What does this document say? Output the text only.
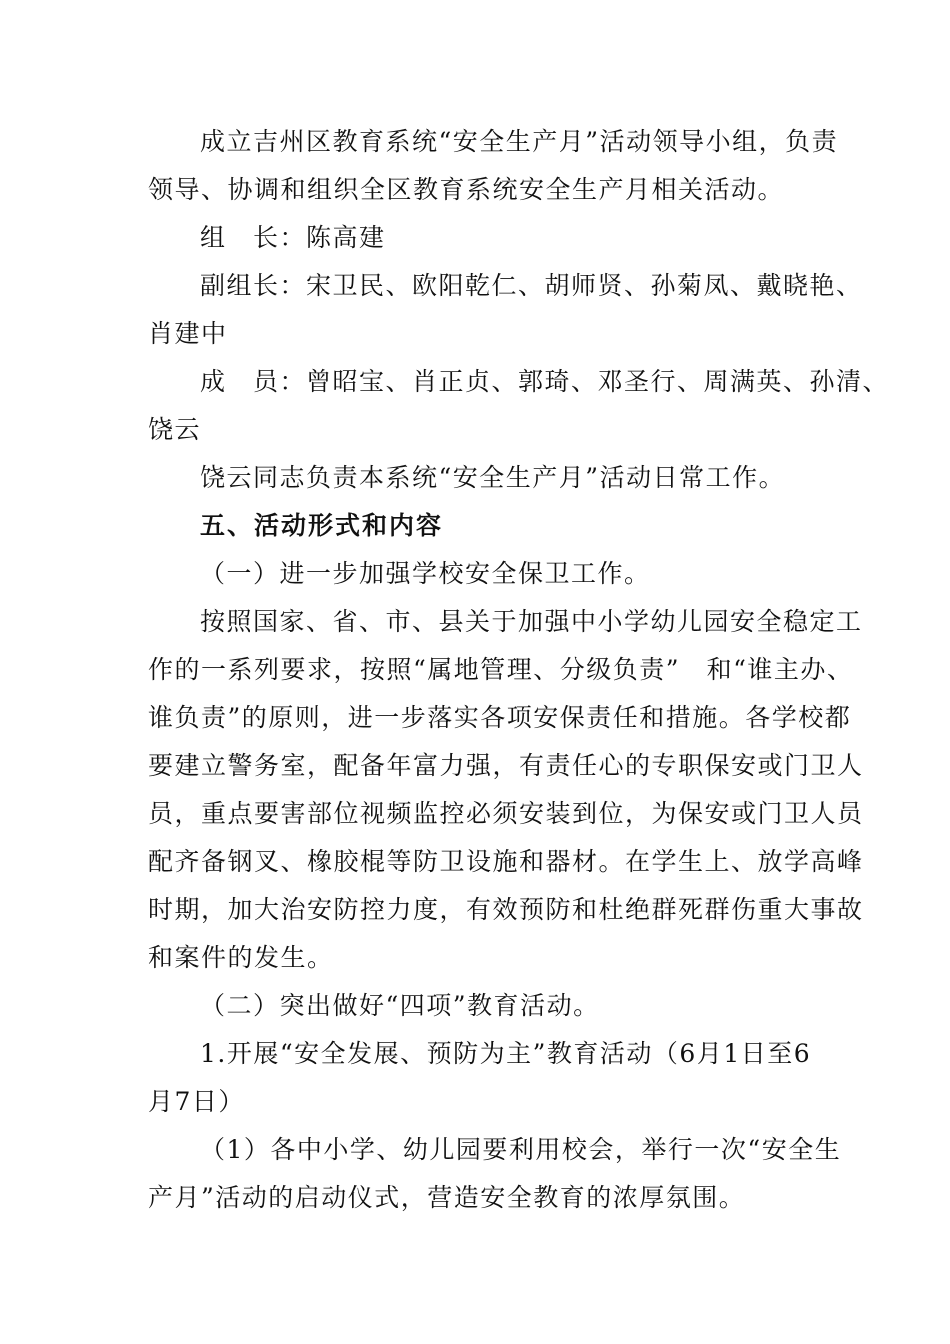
成立吉州区教育系统“安全生产月”活动领导小组，负责
领导、协调和组织全区教育系统安全生产月相关活动。
组　长：陈高建
副组长：宋卫民、欧阳乾仁、胡师贤、孙菊凤、戴晓艳、
肖建中
成　员：曾昭宝、肖正贞、郭琦、邓圣行、周满英、孙清、
饶云
饶云同志负责本系统“安全生产月”活动日常工作。
五、活动形式和内容
（一）进一步加强学校安全保卫工作。
按照国家、省、市、县关于加强中小学幼儿园安全稳定工
作的一系列要求，按照“属地管理、分级负责”　和“谁主办、
谁负责”的原则，进一步落实各项安保责任和措施。各学校都
要建立警务室，配备年富力强，有责任心的专职保安或门卫人
员，重点要害部位视频监控必须安装到位，为保安或门卫人员
配齐备钢叉、橡胶棍等防卫设施和器材。在学生上、放学高峰
时期，加大治安防控力度，有效预防和杜绝群死群伤重大事故
和案件的发生。
（二）突出做好“四项”教育活动。
1.开展“安全发展、预防为主”教育活动（6月1日至6
月7日）
（1）各中小学、幼儿园要利用校会，举行一次“安全生
产月”活动的启动仪式，营造安全教育的浓厚氛围。
